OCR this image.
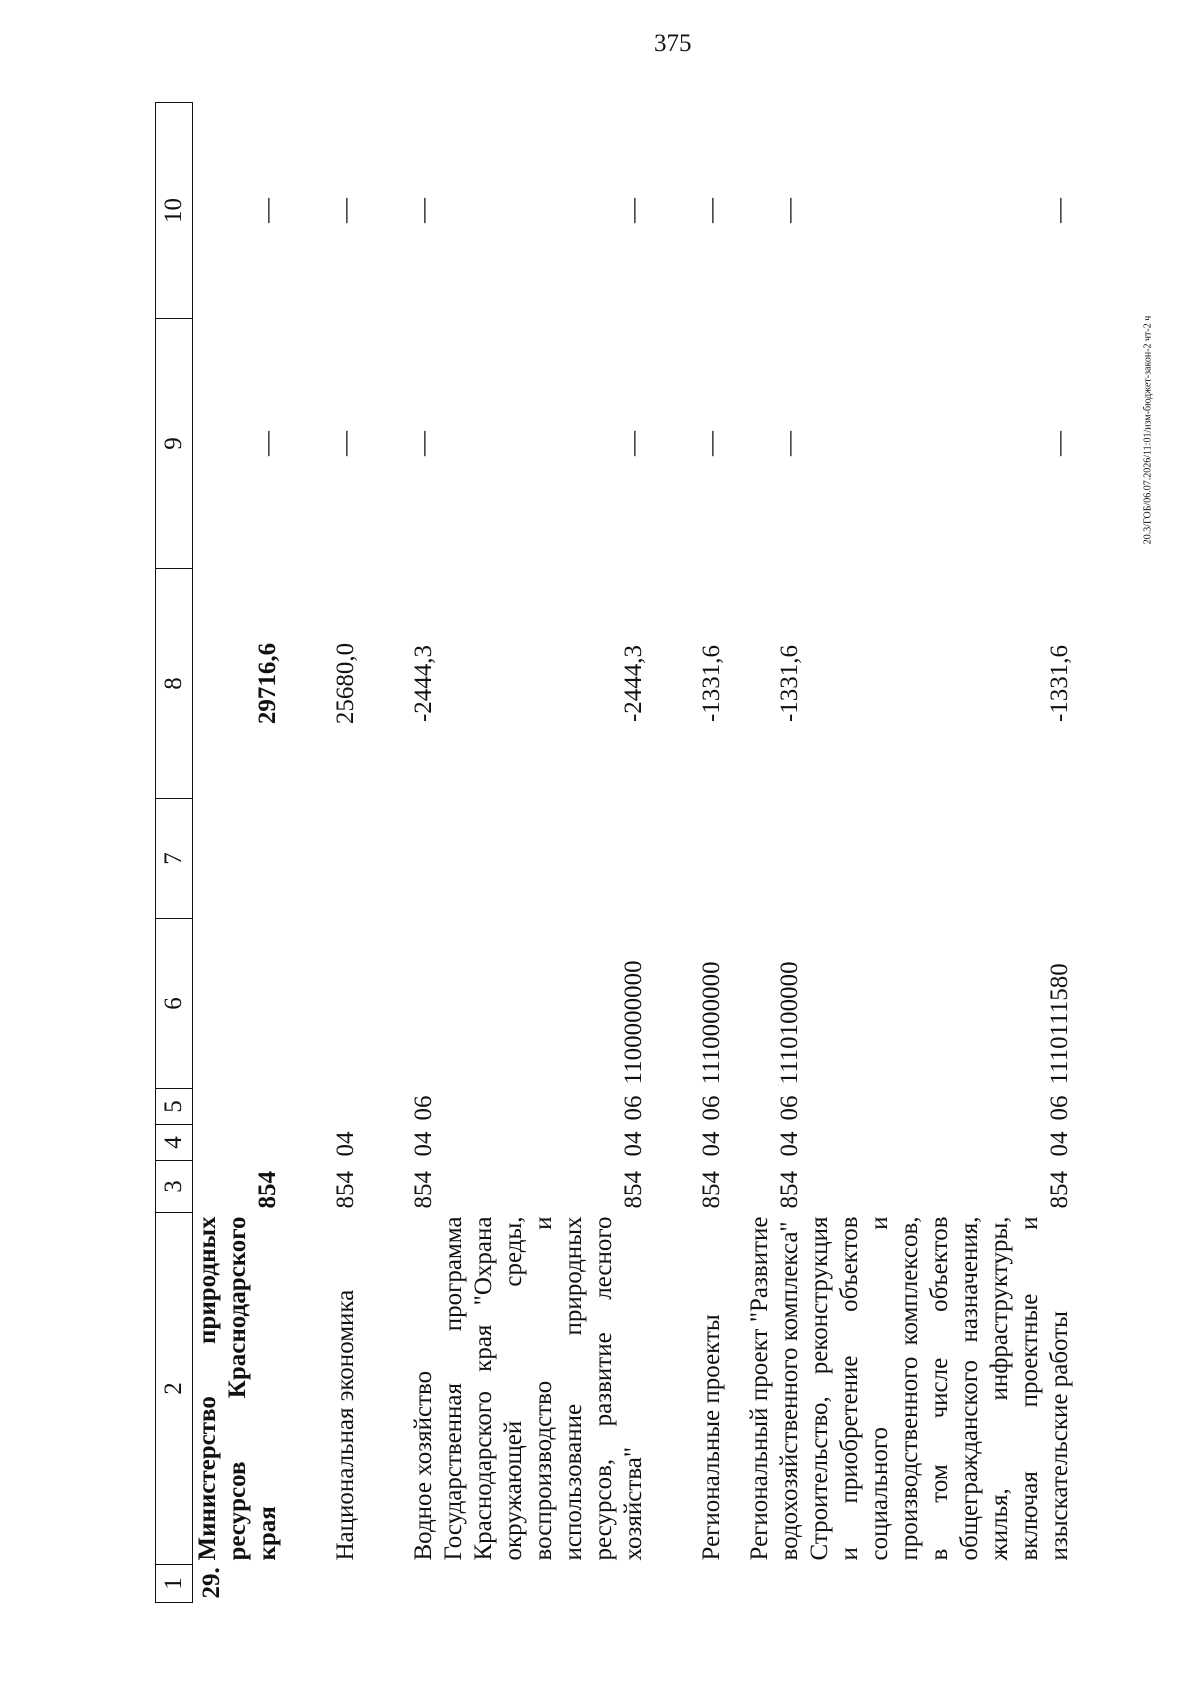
375
20.3/ГОБ/06.07.2026/11:01/изм-бюджет-закон-2 чт-2 ч
1	2	3	4	5	6	7	8	9	10
29.	Министерство природных ресурсов Краснодарского края	854					29716,6	—	—
	Национальная экономика	854	04				25680,0	—	—
	Водное хозяйство	854	04	06			-2444,3	—	—
	Государственная программа Краснодарского края "Охрана окружающей среды, воспроизводство и использование природных ресурсов, развитие лесного хозяйства"	854	04	06	1100000000		-2444,3	—	—
	Региональные проекты	854	04	06	1110000000		-1331,6	—	—
	Региональный проект "Развитие водохозяйственного комплекса"	854	04	06	1110100000		-1331,6	—	—
	Строительство, реконструкция и приобретение объектов социального и производственного комплексов, в том числе объектов общегражданского назначения, жилья, инфраструктуры, включая проектные и изыскательские работы	854	04	06	1110111580		-1331,6	—	—
